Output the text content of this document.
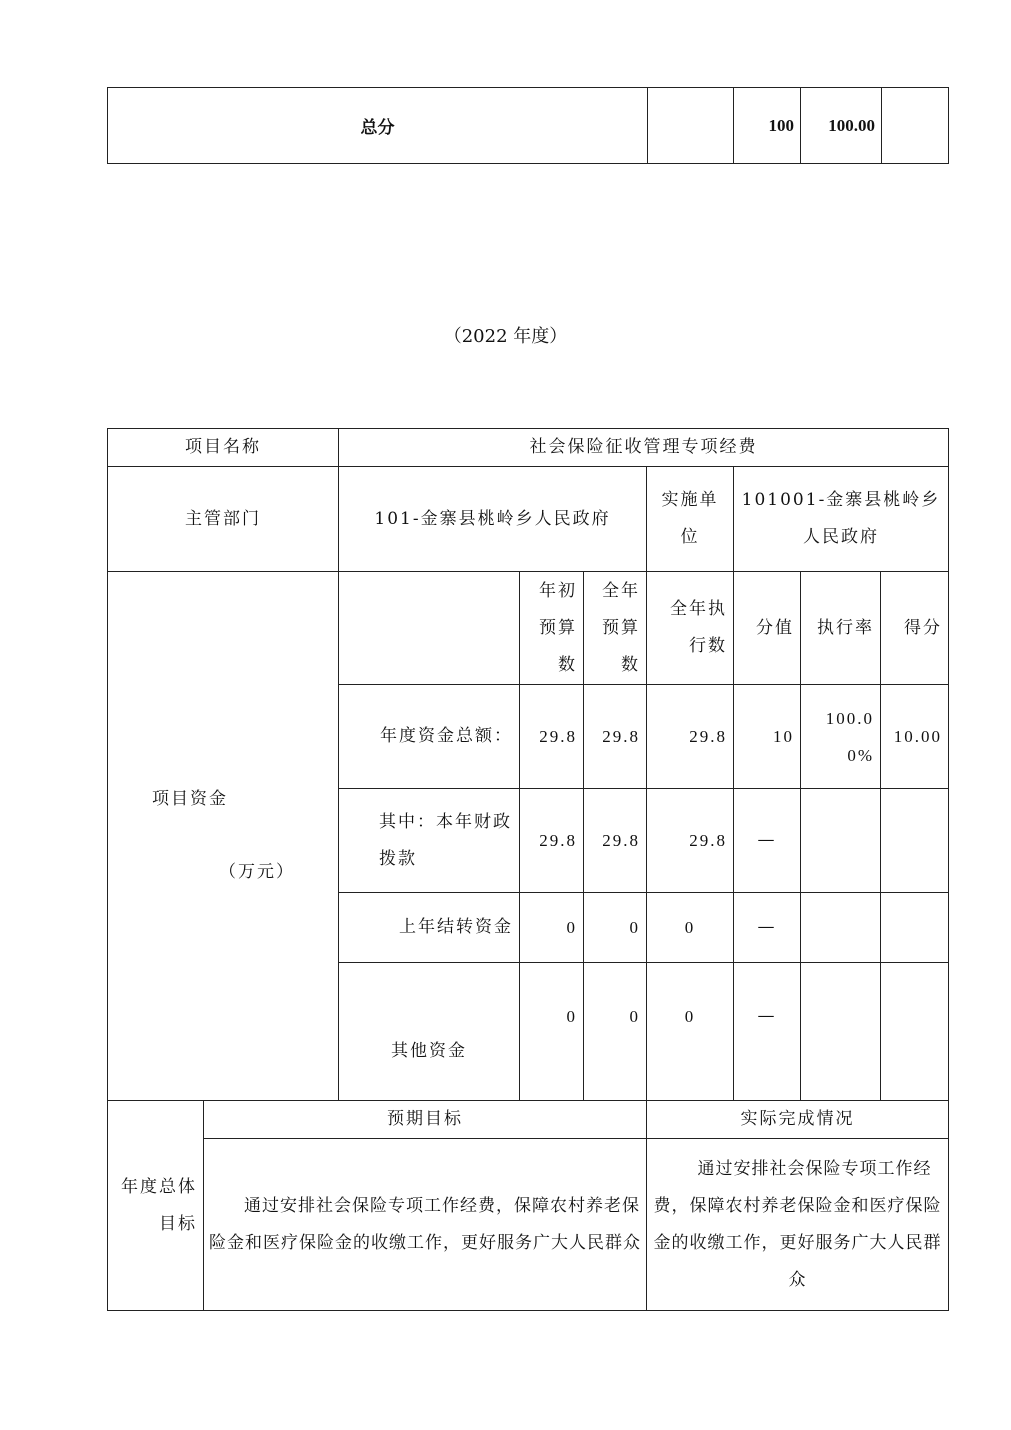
总分		100	100.00	
（2022 年度）
项目名称		社会保险征收管理专项经费						
主管部门		101-金寨县桃岭乡人民政府			实施单位	101001-金寨县桃岭乡人民政府		

项目资金
（万元）			年初预算数	全年预算数	全年执行数	分值	执行率	得分
		年度资金总额：	29.8	29.8	29.8	10	100.00%	10.00
		其中：本年财政拨款	29.8	29.8	29.8	—		
		上年结转资金	0	0	0	—		
		其他资金	0	0	0	—		
年度总体目标	预期目标				实际完成情况			
	通过安排社会保险专项工作经费，保障农村养老保险金和医疗保险金的收缴工作，更好服务广大人民群众				通过安排社会保险专项工作经费，保障农村养老保险金和医疗保险金的收缴工作，更好服务广大人民群众			
